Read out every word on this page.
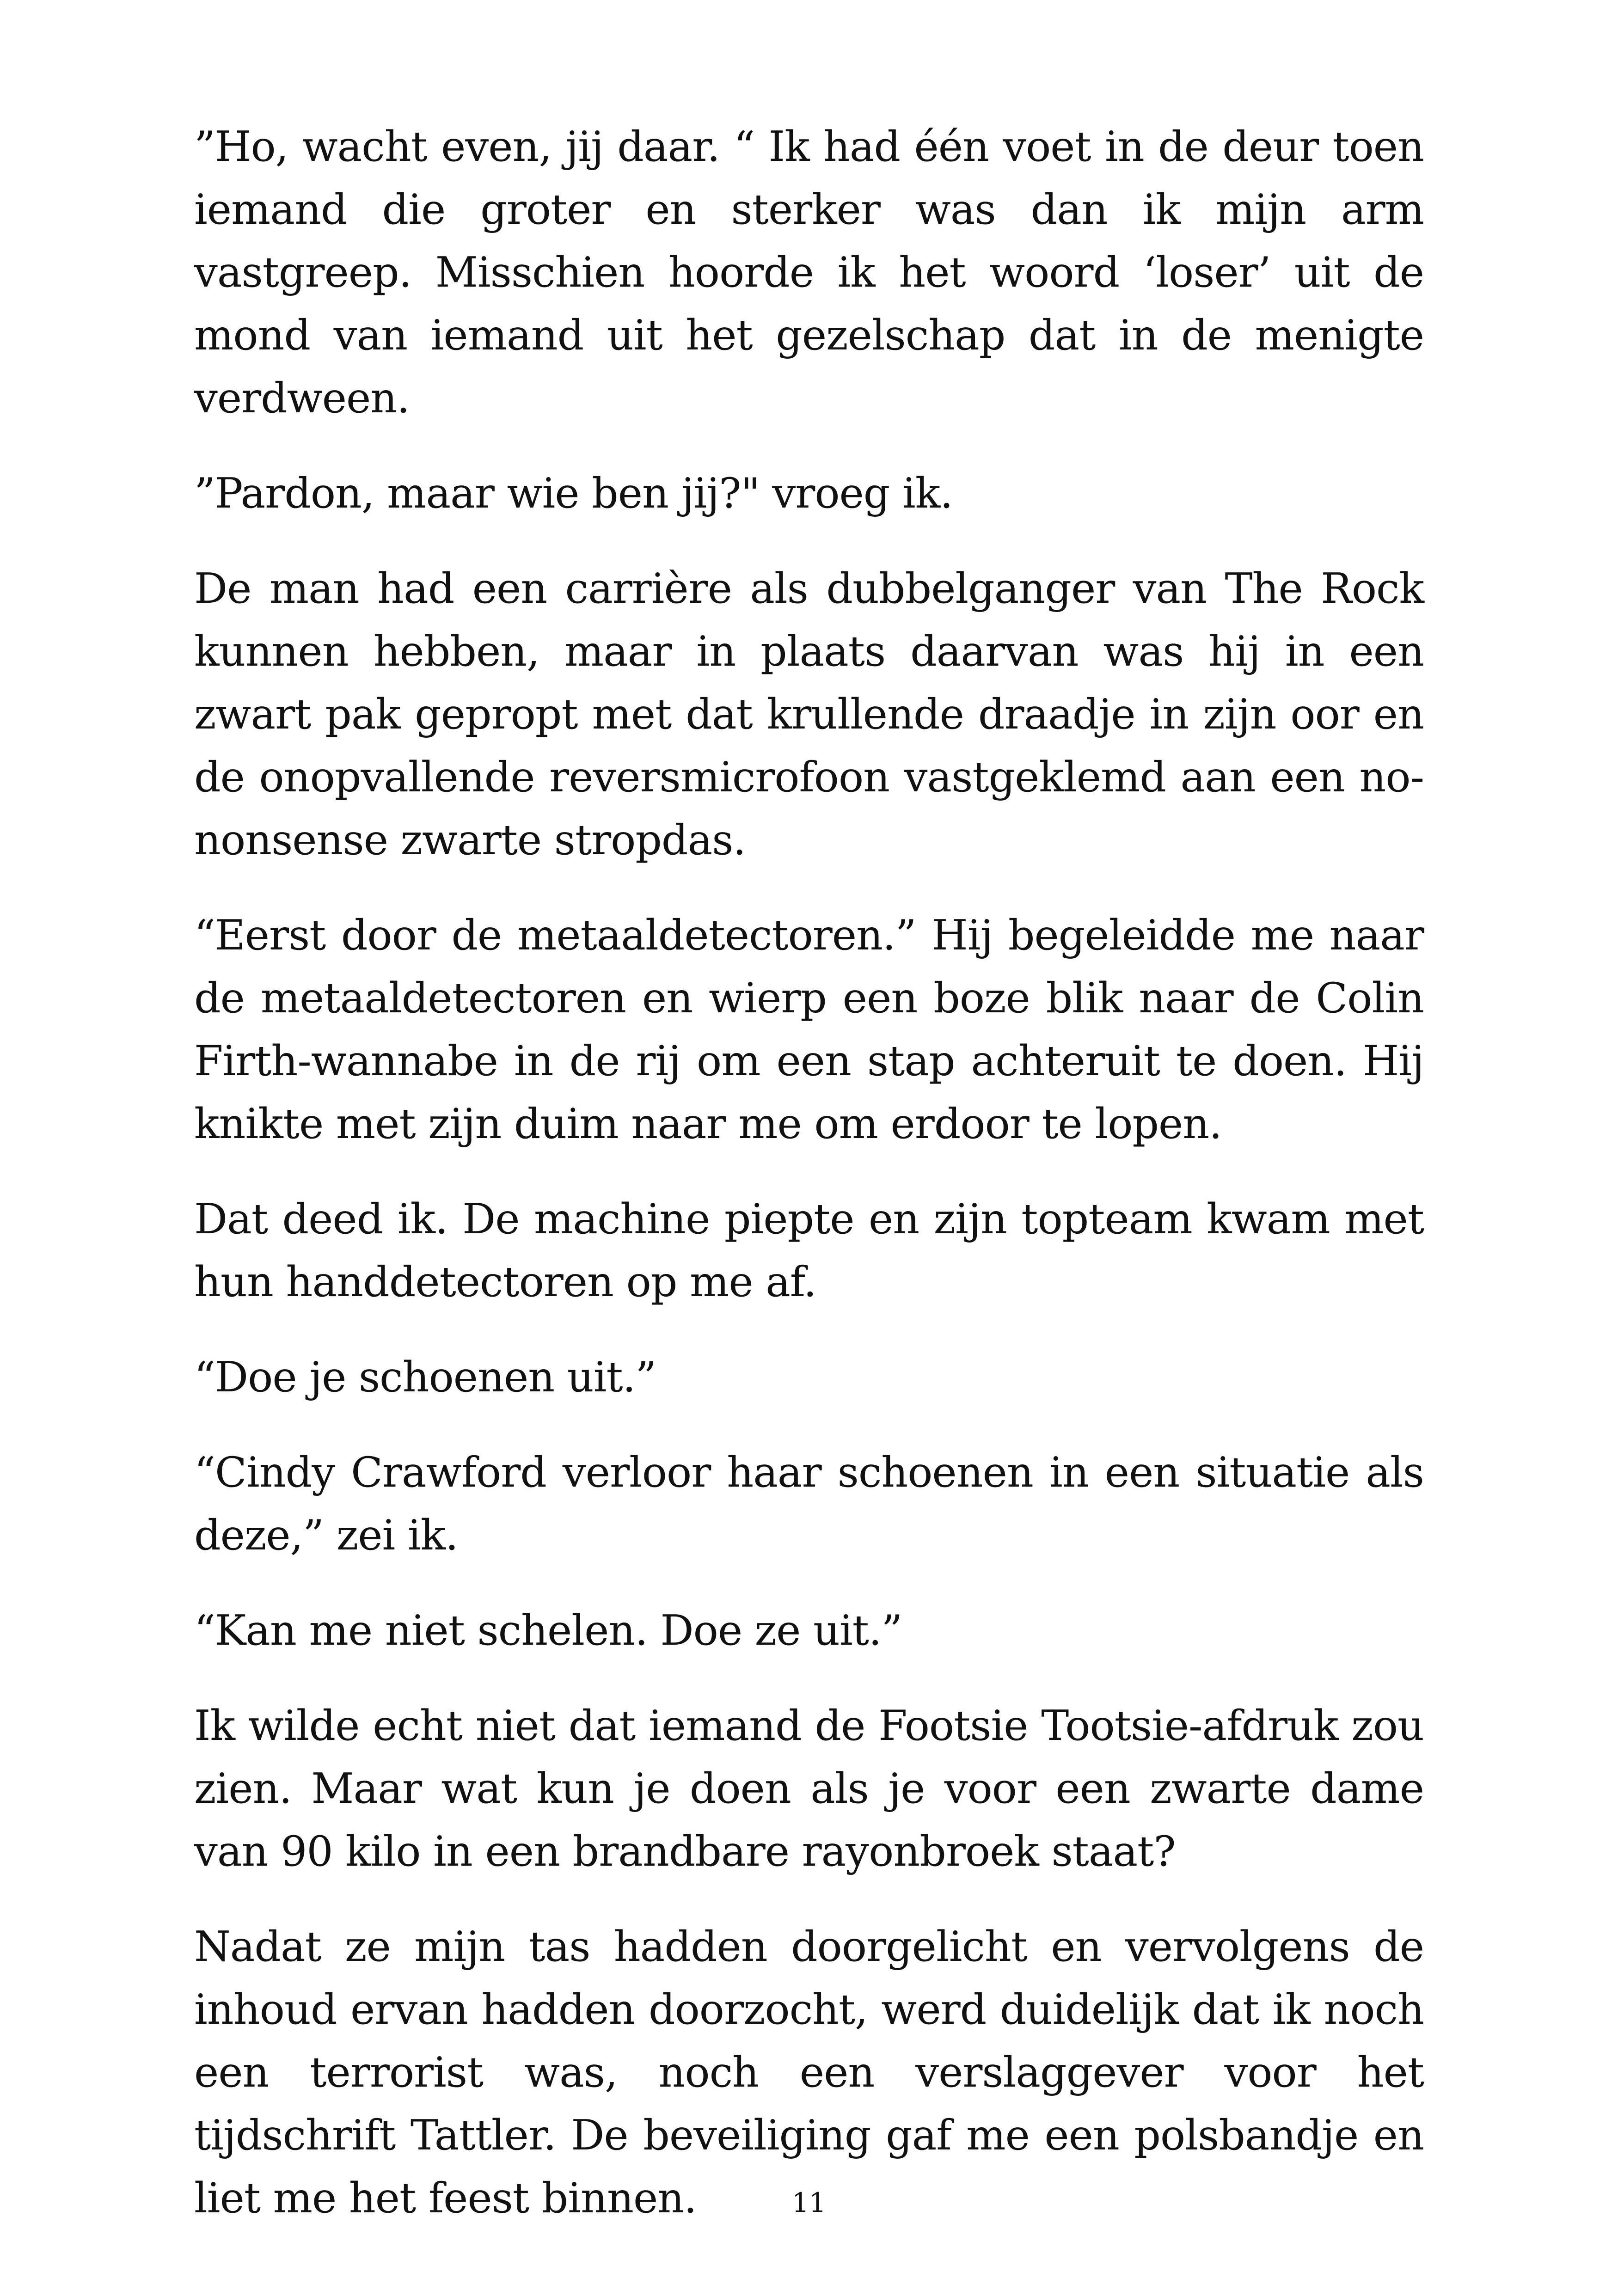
”Ho, wacht even, jij daar. “ Ik had één voet in de deur toen iemand die groter en sterker was dan ik mijn arm vastgreep. Misschien hoorde ik het woord ‘loser’ uit de mond van iemand uit het gezelschap dat in de menigte verdween.

”Pardon, maar wie ben jij?" vroeg ik.

De man had een carrière als dubbelganger van The Rock kunnen hebben, maar in plaats daarvan was hij in een zwart pak gepropt met dat krullende draadje in zijn oor en de onopvallende reversmicrofoon vastgeklemd aan een no-nonsense zwarte stropdas.

“Eerst door de metaaldetectoren.” Hij begeleidde me naar de metaaldetectoren en wierp een boze blik naar de Colin Firth-wannabe in de rij om een stap achteruit te doen. Hij knikte met zijn duim naar me om erdoor te lopen.

Dat deed ik. De machine piepte en zijn topteam kwam met hun handdetectoren op me af.

“Doe je schoenen uit.”

“Cindy Crawford verloor haar schoenen in een situatie als deze,” zei ik.

“Kan me niet schelen. Doe ze uit.”

Ik wilde echt niet dat iemand de Footsie Tootsie-afdruk zou zien. Maar wat kun je doen als je voor een zwarte dame van 90 kilo in een brandbare rayonbroek staat?

Nadat ze mijn tas hadden doorgelicht en vervolgens de inhoud ervan hadden doorzocht, werd duidelijk dat ik noch een terrorist was, noch een verslaggever voor het tijdschrift Tattler. De beveiliging gaf me een polsbandje en liet me het feest binnen.	11
